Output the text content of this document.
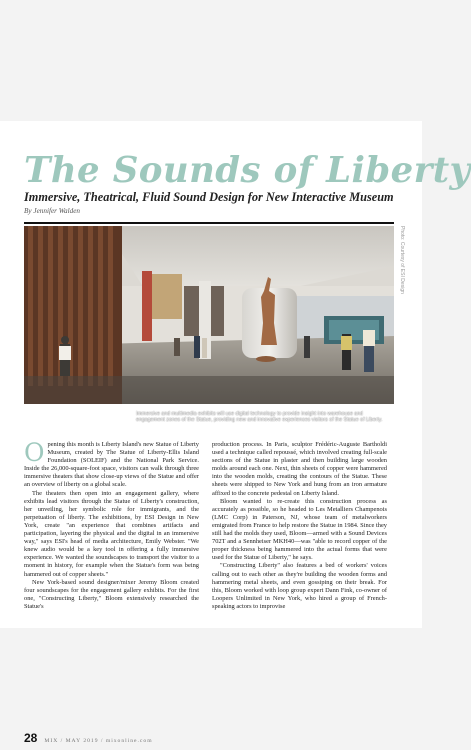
The Sounds of Liberty
Immersive, Theatrical, Fluid Sound Design for New Interactive Museum
By Jennifer Walden
Photo: Courtesy of ESI Design
Immersive and multimedia exhibits will use digital technology to provide insight into warehouse and engagement zones of the Statue, providing new and innovative experiences visitors of the Statue of Liberty.

Opening this month is Liberty Island's new Statue of Liberty Museum, created by The Statue of Liberty-Ellis Island Foundation (SOLEIF) and the National Park Service. Inside the 26,000-square-foot space, visitors can walk through three immersive theaters that show close-up views of the Statue and offer an overview of liberty on a global scale.

The theaters then open into an engagement gallery, where exhibits lead visitors through the Statue of Liberty's construction, her unveiling, her symbolic role for immigrants, and the perpetuation of liberty. The exhibitions, by ESI Design in New York, create "an experience that combines artifacts and participation, layering the physical and the digital in an immersive way," says ESI's head of media architecture, Emily Webster. "We knew audio would be a key tool in offering a fully immersive experience. We wanted the soundscapes to transport the visitor to a moment in history, for example when the Statue's form was being hammered out of copper sheets."

New York-based sound designer/mixer Jeremy Bloom created four soundscapes for the engagement gallery exhibits. For the first one, "Constructing Liberty," Bloom extensively researched the Statue's

production process. In Paris, sculptor Frédéric-Auguste Bartholdi used a technique called repoussé, which involved creating full-scale sections of the Statue in plaster and then building large wooden molds around each one. Next, thin sheets of copper were hammered into the wooden molds, creating the contours of the Statue. These sheets were shipped to New York and hung from an iron armature affixed to the concrete pedestal on Liberty Island.

Bloom wanted to re-create this construction process as accurately as possible, so he headed to Les Metalliers Champenois (LMC Corp) in Paterson, NJ, whose team of metalworkers emigrated from France to help restore the Statue in 1984. Since they still had the molds they used, Bloom—armed with a Sound Devices 702T and a Sennheiser MKH40—was "able to record copper of the proper thickness being hammered into the actual forms that were used for the Statue of Liberty," he says.

"Constructing Liberty" also features a bed of workers' voices calling out to each other as they're building the wooden forms and hammering metal sheets, and even gossiping on their break. For this, Bloom worked with loop group expert Dann Fink, co-owner of Loopers Unlimited in New York, who hired a group of French-speaking actors to improvise

28 MIX / MAY 2019 / mixonline.com
